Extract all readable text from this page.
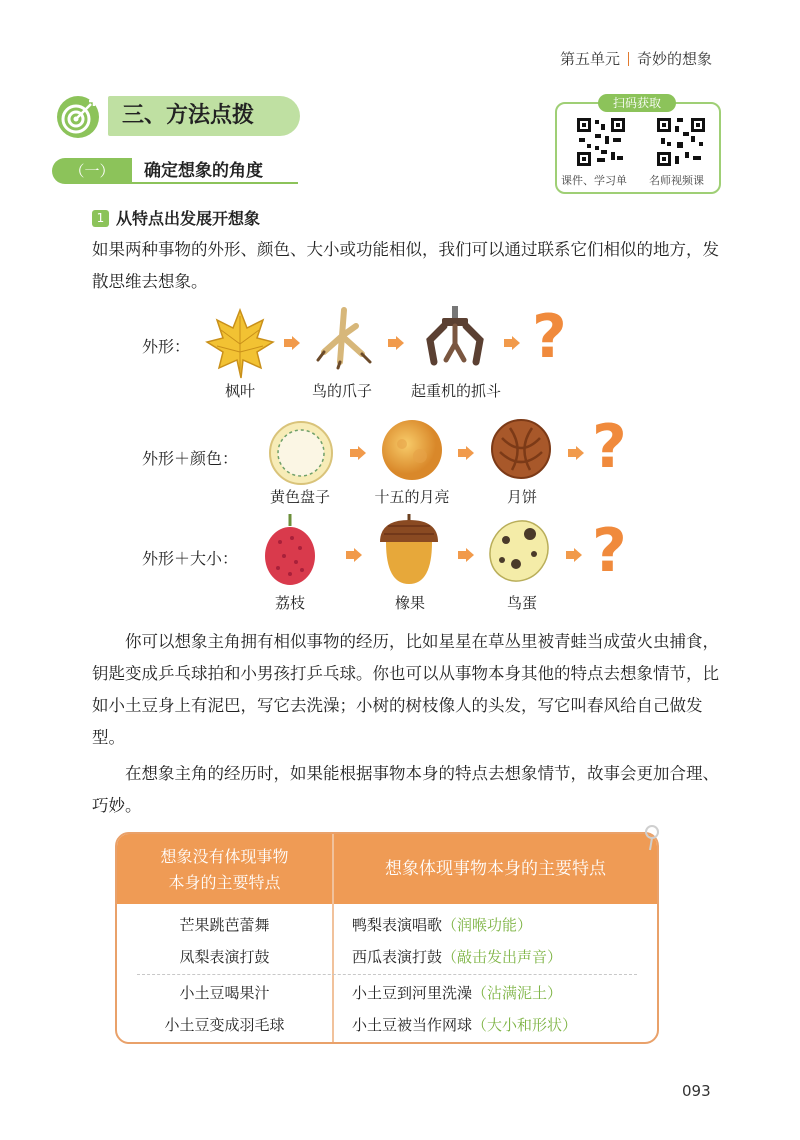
第五单元 奇妙的想象
三、方法点拨
课件、学习单 名师视频课
扫码获取
（一）	确定想象的角度
1 从特点出发展开想象
如果两种事物的外形、颜色、大小或功能相似，我们可以通过联系它们相似的地方，发散思维去想象。
外形：
枫叶	鸟的爪子	起重机的抓斗
?
外形＋颜色：
黄色盘子	十五的月亮	月饼
?
外形＋大小：
荔枝	橡果	鸟蛋
?
你可以想象主角拥有相似事物的经历，比如星星在草丛里被青蛙当成萤火虫捕食，钥匙变成乒乓球拍和小男孩打乒乓球。你也可以从事物本身其他的特点去想象情节，比如小土豆身上有泥巴，写它去洗澡；小树的树枝像人的头发，写它叫春风给自己做发型。
在想象主角的经历时，如果能根据事物本身的特点去想象情节，故事会更加合理、巧妙。
想象没有体现事物
本身的主要特点
想象体现事物本身的主要特点
芒果跳芭蕾舞	鸭梨表演唱歌（润喉功能）
凤梨表演打鼓	西瓜表演打鼓（敲击发出声音）
小土豆喝果汁	小土豆到河里洗澡（沾满泥土）
小土豆变成羽毛球	小土豆被当作网球（大小和形状）
093
